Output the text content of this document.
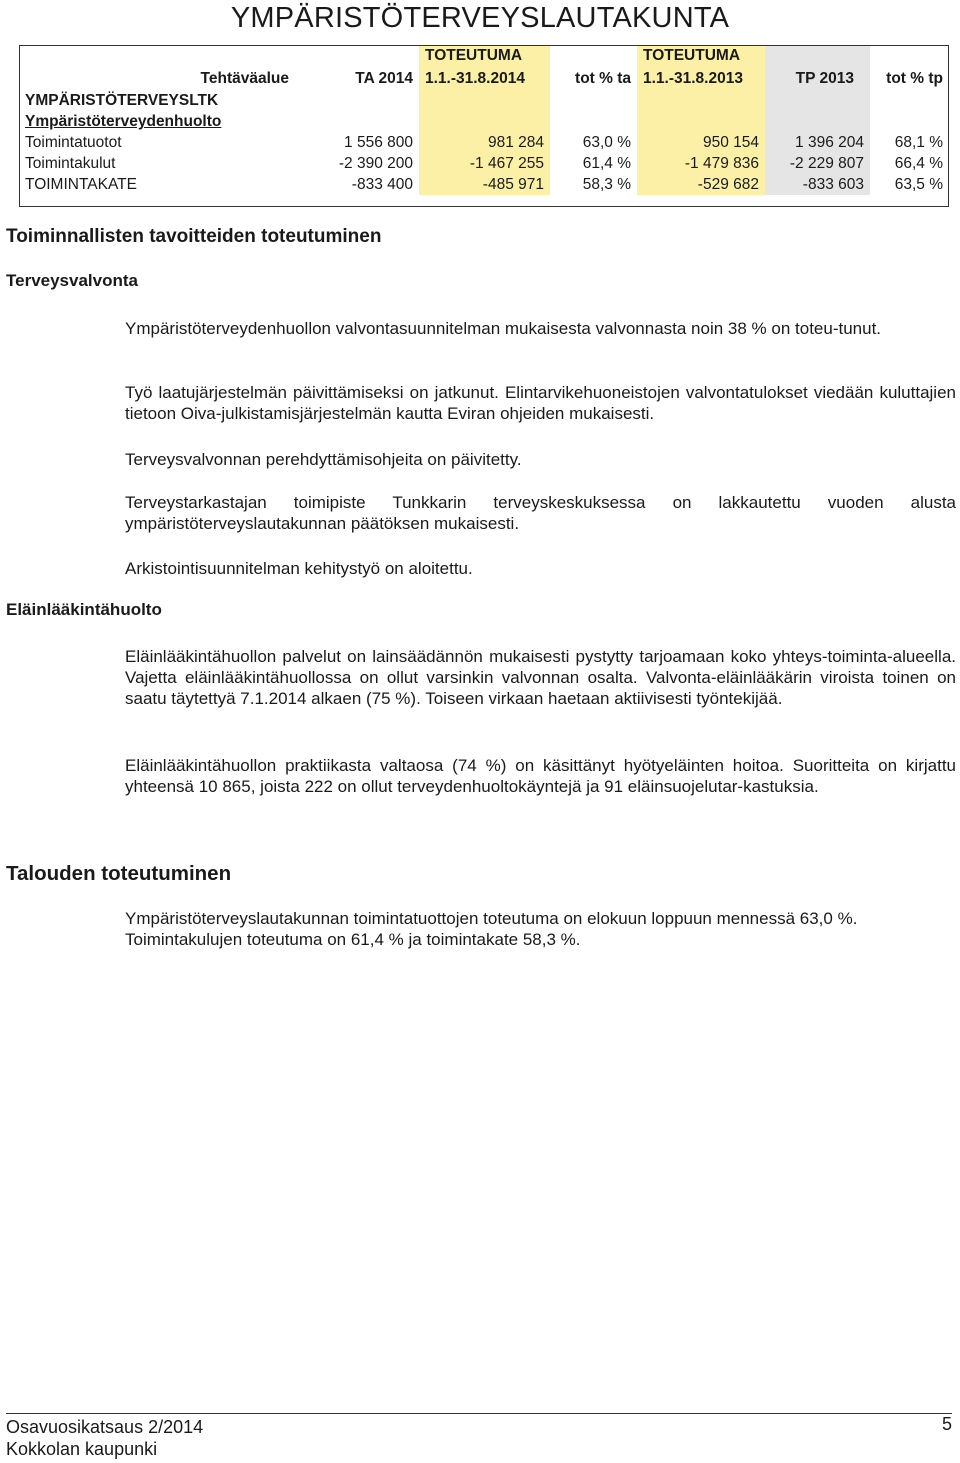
YMPÄRISTÖTERVEYSLAUTAKUNTA
		TOTEUTUMA		TOTEUTUMA		
Tehtäväalue	TA 2014	1.1.-31.8.2014	tot % ta	1.1.-31.8.2013	TP 2013	tot % tp
YMPÄRISTÖTERVEYSLTK						
Ympäristöterveydenhuolto						
Toimintatuotot	1 556 800	981 284	63,0 %	950 154	1 396 204	68,1 %
Toimintakulut	-2 390 200	-1 467 255	61,4 %	-1 479 836	-2 229 807	66,4 %
TOIMINTAKATE	-833 400	-485 971	58,3 %	-529 682	-833 603	63,5 %
Toiminnallisten tavoitteiden toteutuminen
Terveysvalvonta
Ympäristöterveydenhuollon valvontasuunnitelman mukaisesta valvonnasta noin 38 % on toteu-tunut.
Työ laatujärjestelmän päivittämiseksi on jatkunut. Elintarvikehuoneistojen valvontatulokset viedään kuluttajien tietoon Oiva-julkistamisjärjestelmän kautta Eviran ohjeiden mukaisesti.
Terveysvalvonnan perehdyttämisohjeita on päivitetty.
Terveystarkastajan toimipiste Tunkkarin terveyskeskuksessa on lakkautettu vuoden alusta ympäristöterveyslautakunnan päätöksen mukaisesti.
Arkistointisuunnitelman kehitystyö on aloitettu.
Eläinlääkintähuolto
Eläinlääkintähuollon palvelut on lainsäädännön mukaisesti pystytty tarjoamaan koko yhteys-toiminta-alueella. Vajetta eläinlääkintähuollossa on ollut varsinkin valvonnan osalta. Valvonta-eläinlääkärin viroista toinen on saatu täytettyä 7.1.2014 alkaen (75 %). Toiseen virkaan haetaan aktiivisesti työntekijää.
Eläinlääkintähuollon praktiikasta valtaosa (74 %) on käsittänyt hyötyeläinten hoitoa. Suoritteita on kirjattu yhteensä 10 865, joista 222 on ollut terveydenhuoltokäyntejä ja 91 eläinsuojelutar-kastuksia.
Talouden toteutuminen
Ympäristöterveyslautakunnan toimintatuottojen toteutuma on elokuun loppuun mennessä 63,0 %. Toimintakulujen toteutuma on 61,4 % ja toimintakate 58,3 %.
Osavuosikatsaus 2/2014
Kokkolan kaupunki
5
